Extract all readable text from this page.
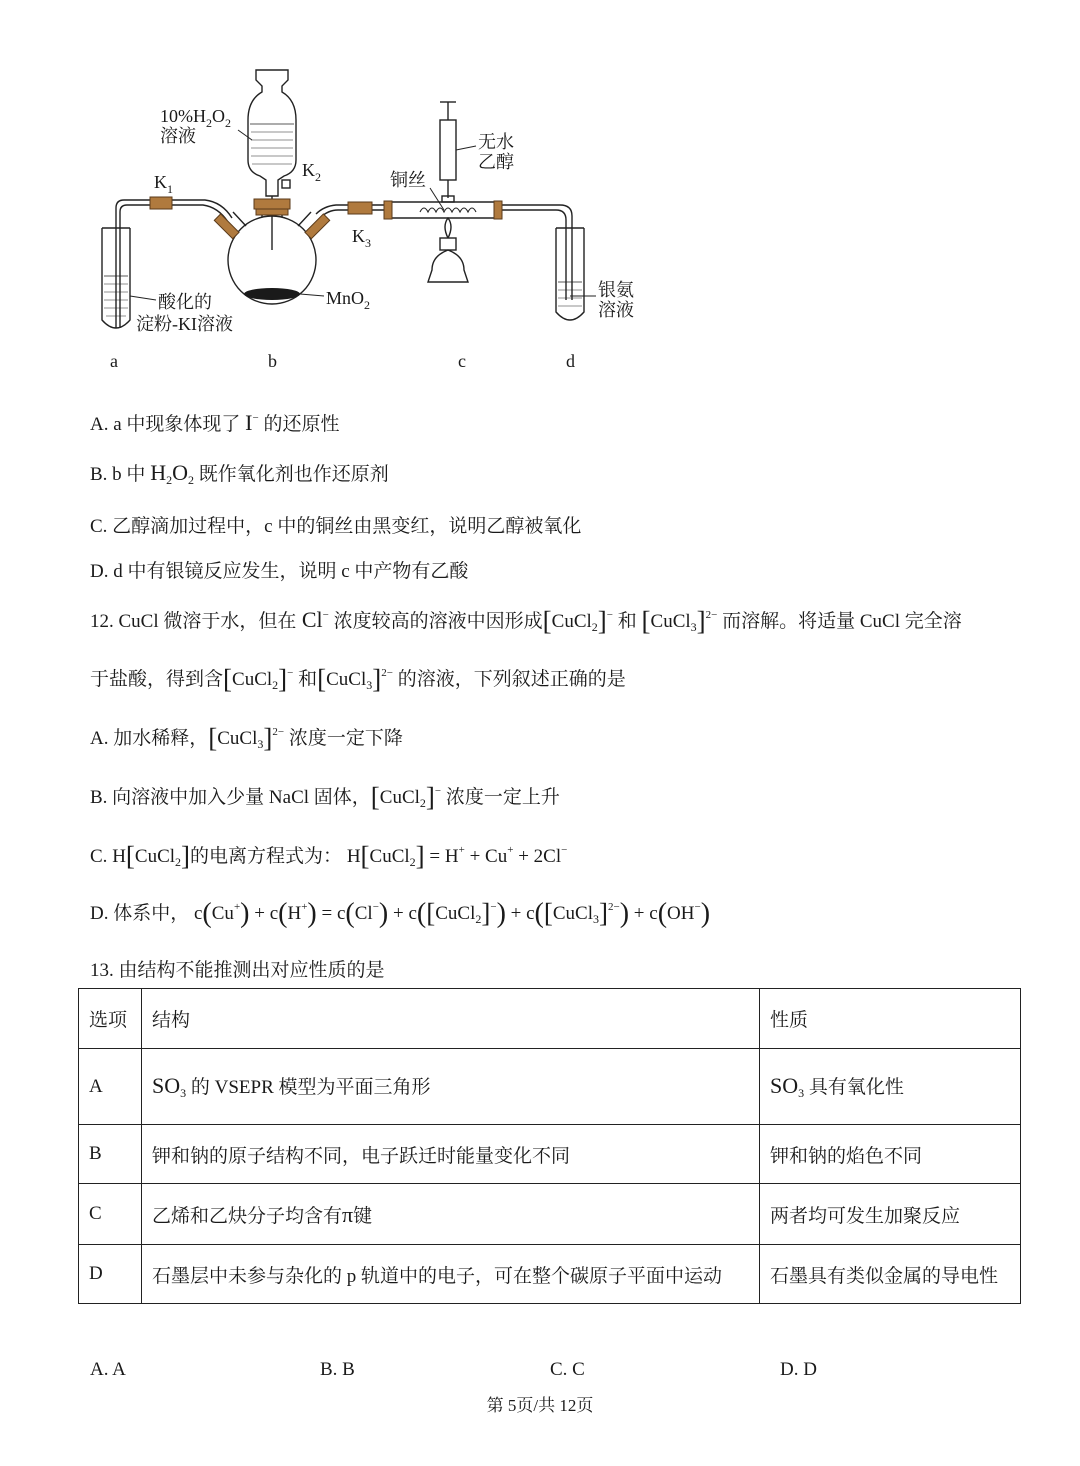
$10\%H_2O_2$
溶液
$K_1$
$K_2$
$K_3$
MnO$_2$
无水
乙醇
铜丝
酸化的
淀粉-KI溶液
银氨
溶液
a	b	c	d
A. a 中现象体现了 I− 的还原性
B. b 中 $H_2O_2$ 既作氧化剂也作还原剂
C. 乙醇滴加过程中，c 中的铜丝由黑变红，说明乙醇被氧化
D. d 中有银镜反应发生，说明 c 中产物有乙酸
12. CuCl 微溶于水，但在 Cl− 浓度较高的溶液中因形成[CuCl$_2$]− 和 [CuCl$_3$]$^{2-}$ 而溶解。将适量 CuCl 完全溶
于盐酸，得到含[CuCl$_2$]− 和[CuCl$_3$]$^{2-}$ 的溶液，下列叙述正确的是
A. 加水稀释，[CuCl$_3$]$^{2-}$ 浓度一定下降
B. 向溶液中加入少量 NaCl 固体，[CuCl$_2$]− 浓度一定上升
C. H[CuCl$_2$]的电离方程式为： H[CuCl$_2$] = H+ + Cu+ + 2Cl−
D. 体系中， c(Cu+) + c(H+) = c(Cl−) + c([CuCl$_2$]−) + c([CuCl$_3$]$^{2-}$) + c(OH−)
13. 由结构不能推测出对应性质的是
选项	结构	性质
A	$SO_3$ 的 VSEPR 模型为平面三角形	$SO_3$ 具有氧化性
B	钾和钠的原子结构不同，电子跃迁时能量变化不同	钾和钠的焰色不同
C	乙烯和乙炔分子均含有π键	两者均可发生加聚反应
D	石墨层中未参与杂化的 p 轨道中的电子，可在整个碳原子平面中运动	石墨具有类似金属的导电性
A. A	B. B	C. C	D. D
第 5页/共 12页
